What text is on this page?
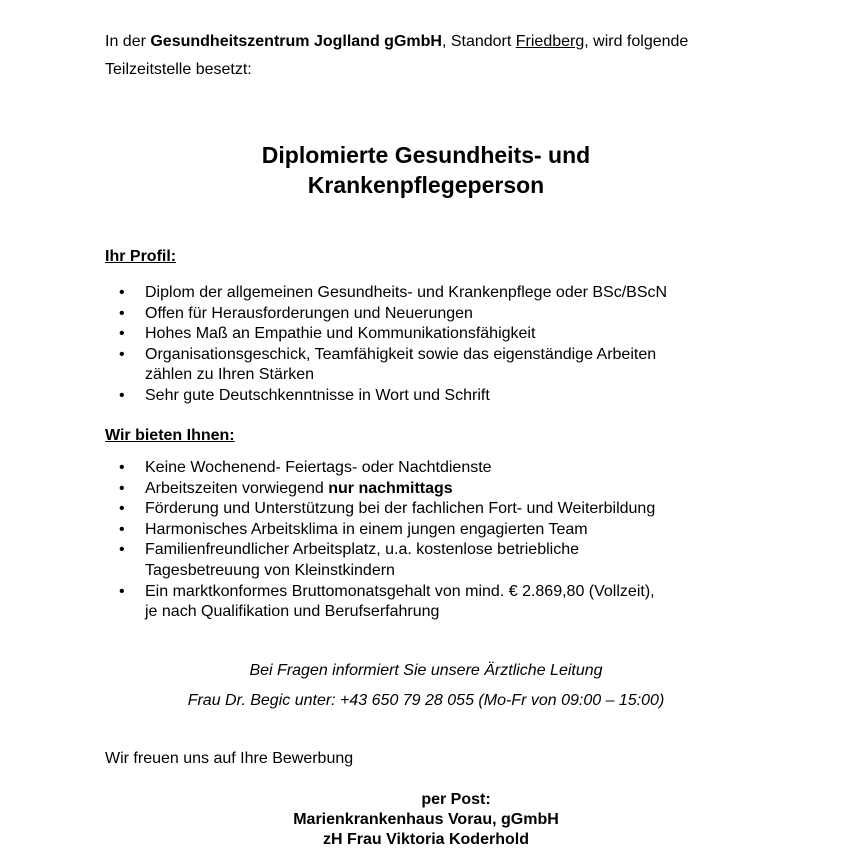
In der Gesundheitszentrum Joglland gGmbH, Standort Friedberg, wird folgende
Teilzeitstelle besetzt:
Diplomierte Gesundheits- und
Krankenpflegeperson
Ihr Profil:
• Diplom der allgemeinen Gesundheits- und Krankenpflege oder BSc/BScN
• Offen für Herausforderungen und Neuerungen
• Hohes Maß an Empathie und Kommunikationsfähigkeit
• Organisationsgeschick, Teamfähigkeit sowie das eigenständige Arbeiten zählen zu Ihren Stärken
• Sehr gute Deutschkenntnisse in Wort und Schrift
Wir bieten Ihnen:
• Keine Wochenend- Feiertags- oder Nachtdienste
• Arbeitszeiten vorwiegend nur nachmittags
• Förderung und Unterstützung bei der fachlichen Fort- und Weiterbildung
• Harmonisches Arbeitsklima in einem jungen engagierten Team
• Familienfreundlicher Arbeitsplatz, u.a. kostenlose betriebliche
Tagesbetreuung von Kleinstkindern
• Ein marktkonformes Bruttomonatsgehalt von mind. € 2.869,80 (Vollzeit),
je nach Qualifikation und Berufserfahrung
Bei Fragen informiert Sie unsere Ärztliche Leitung
Frau Dr. Begic unter: +43 650 79 28 055 (Mo-Fr von 09:00 – 15:00)
Wir freuen uns auf Ihre Bewerbung
per Post:
Marienkrankenhaus Vorau, gGmbH
zH Frau Viktoria Koderhold
